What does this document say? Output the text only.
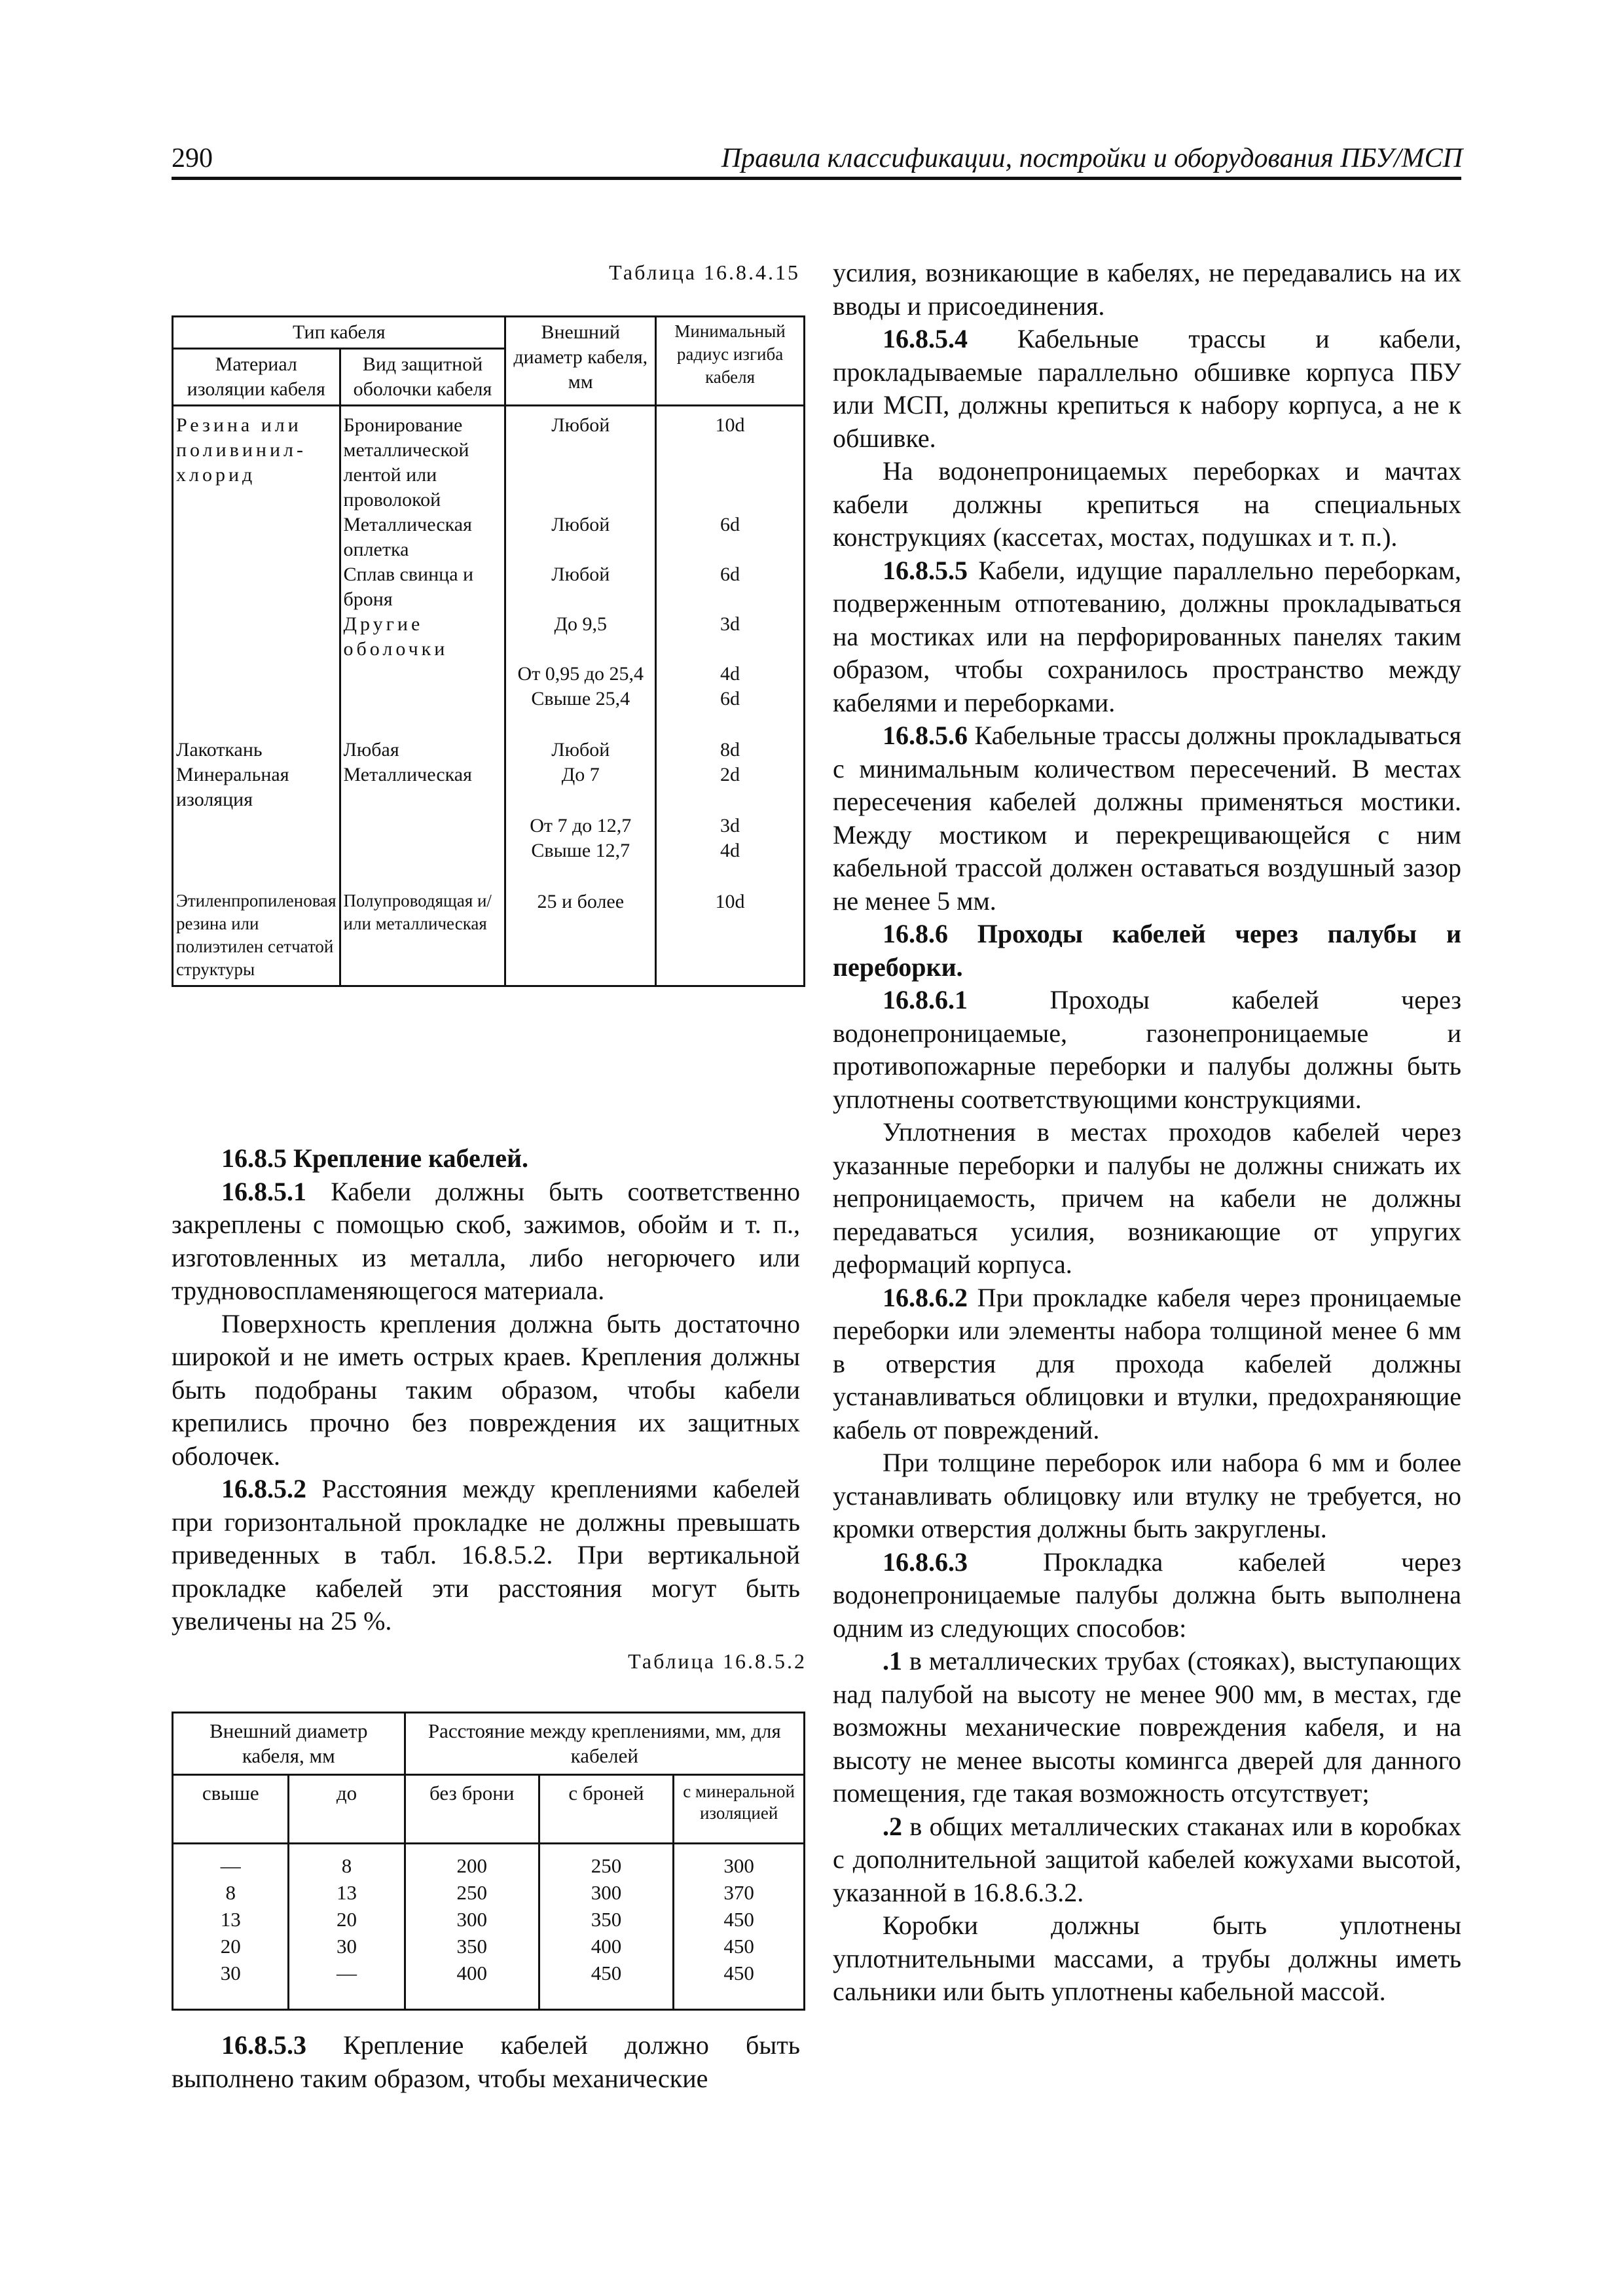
290	Правила классификации, постройки и оборудования ПБУ/МСП
Таблица 16.8.4.15
Тип кабеля		Внешний диаметр кабеля, мм	Минимальный радиус изгиба кабеля
Материал изоляции кабеля	Вид защитной оболочки кабеля		
Резина или поливинил-хлорид	Бронирование металлической лентой или проволокой	Любой	10d
	Металлическая оплетка	Любой	6d
	Сплав свинца и броня	Любой	6d
	Другие оболочки	До 9,5	3d
		От 0,95 до 25,4	4d
		Свыше 25,4	6d
Лакоткань	Любая	Любой	8d
Минеральная изоляция	Металлическая	До 7	2d
		От 7 до 12,7	3d
		Свыше 12,7	4d
Этиленпропиленовая резина или полиэтилен сетчатой структуры	Полупроводящая и/или металлическая	25 и более	10d

16.8.5 Крепление кабелей.

16.8.5.1 Кабели должны быть соответственно закреплены с помощью скоб, зажимов, обойм и т. п., изготовленных из металла, либо негорючего или трудновоспламеняющегося материала.

Поверхность крепления должна быть достаточно широкой и не иметь острых краев. Крепления должны быть подобраны таким образом, чтобы кабели крепились прочно без повреждения их защитных оболочек.

16.8.5.2 Расстояния между креплениями кабелей при горизонтальной прокладке не должны превышать приведенных в табл. 16.8.5.2. При вертикальной прокладке кабелей эти расстояния могут быть увеличены на 25 %.

Таблица 16.8.5.2
Внешний диаметр кабеля, мм		Расстояние между креплениями, мм, для кабелей		
свыше	до	без брони	с броней	с минеральной изоляцией
—	8	200	250	300
8	13	250	300	370
13	20	300	350	450
20	30	350	400	450
30	—	400	450	450

16.8.5.3 Крепление кабелей должно быть выполнено таким образом, чтобы механические

усилия, возникающие в кабелях, не передавались на их вводы и присоединения.

16.8.5.4 Кабельные трассы и кабели, прокладываемые параллельно обшивке корпуса ПБУ или МСП, должны крепиться к набору корпуса, а не к обшивке.

На водонепроницаемых переборках и мачтах кабели должны крепиться на специальных конструкциях (кассетах, мостах, подушках и т. п.).

16.8.5.5 Кабели, идущие параллельно переборкам, подверженным отпотеванию, должны прокладываться на мостиках или на перфорированных панелях таким образом, чтобы сохранилось пространство между кабелями и переборками.

16.8.5.6 Кабельные трассы должны прокладываться с минимальным количеством пересечений. В местах пересечения кабелей должны применяться мостики. Между мостиком и перекрещивающейся с ним кабельной трассой должен оставаться воздушный зазор не менее 5 мм.

16.8.6 Проходы кабелей через палубы и переборки.

16.8.6.1 Проходы кабелей через водонепроницаемые, газонепроницаемые и противопожарные переборки и палубы должны быть уплотнены соответствующими конструкциями.

Уплотнения в местах проходов кабелей через указанные переборки и палубы не должны снижать их непроницаемость, причем на кабели не должны передаваться усилия, возникающие от упругих деформаций корпуса.

16.8.6.2 При прокладке кабеля через проницаемые переборки или элементы набора толщиной менее 6 мм в отверстия для прохода кабелей должны устанавливаться облицовки и втулки, предохраняющие кабель от повреждений.

При толщине переборок или набора 6 мм и более устанавливать облицовку или втулку не требуется, но кромки отверстия должны быть закруглены.

16.8.6.3 Прокладка кабелей через водонепроницаемые палубы должна быть выполнена одним из следующих способов:

.1 в металлических трубах (стояках), выступающих над палубой на высоту не менее 900 мм, в местах, где возможны механические повреждения кабеля, и на высоту не менее высоты комингса дверей для данного помещения, где такая возможность отсутствует;

.2 в общих металлических стаканах или в коробках с дополнительной защитой кабелей кожухами высотой, указанной в 16.8.6.3.2.

Коробки должны быть уплотнены уплотнительными массами, а трубы должны иметь сальники или быть уплотнены кабельной массой.
